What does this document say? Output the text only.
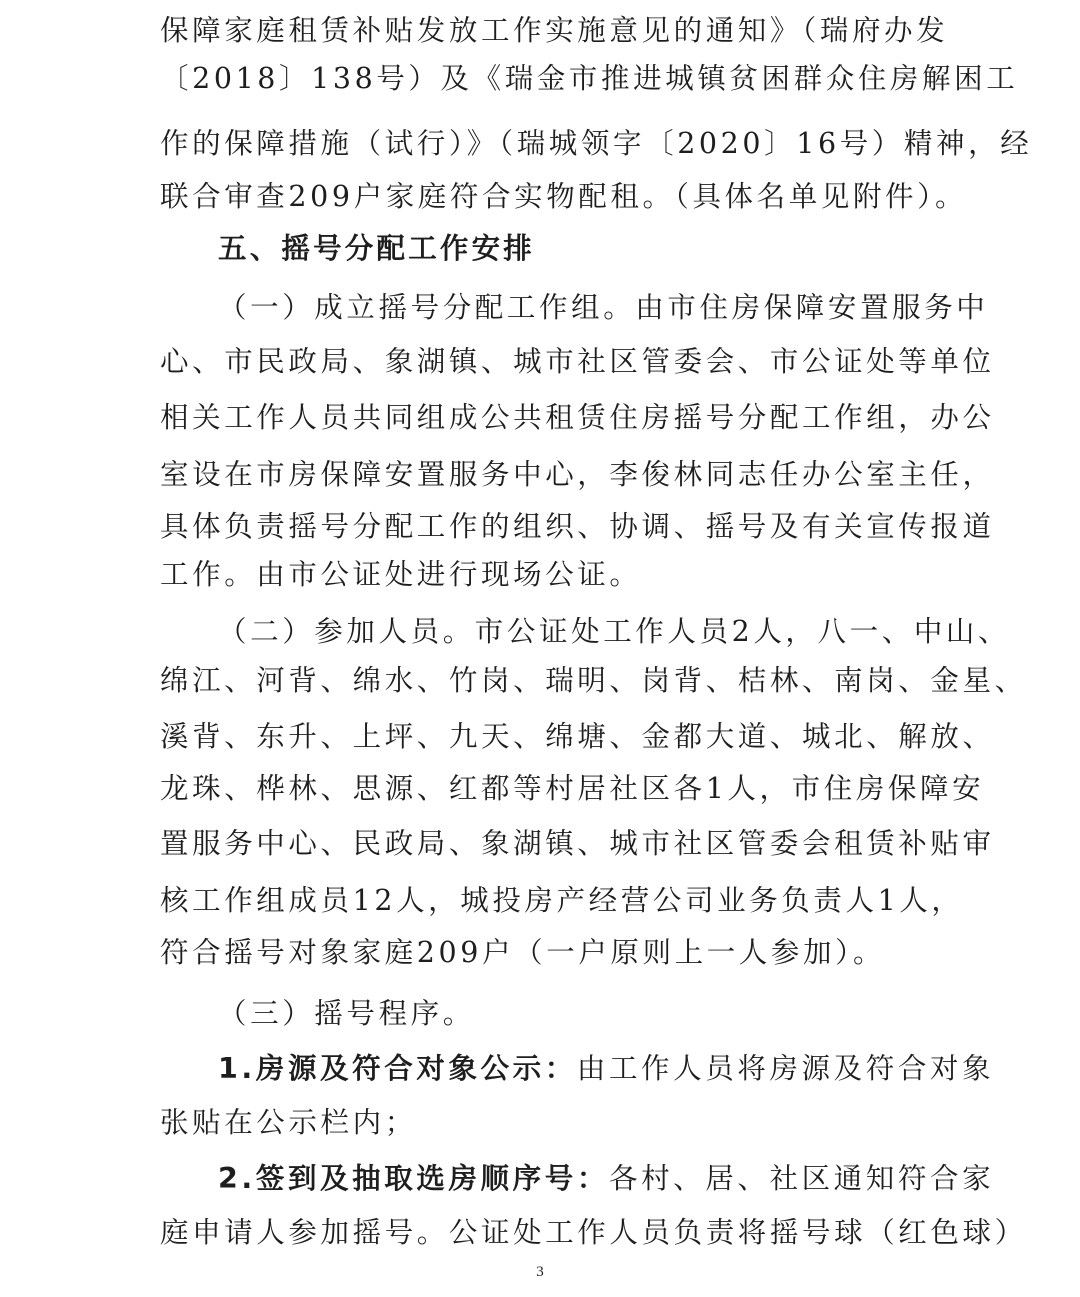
保障家庭租赁补贴发放工作实施意见的通知》（瑞府办发
〔2018〕138号）及《瑞金市推进城镇贫困群众住房解困工
作的保障措施（试行）》（瑞城领字〔2020〕16号）精神，经
联合审查209户家庭符合实物配租。（具体名单见附件）。
五、摇号分配工作安排
（一）成立摇号分配工作组。由市住房保障安置服务中
心、市民政局、象湖镇、城市社区管委会、市公证处等单位
相关工作人员共同组成公共租赁住房摇号分配工作组，办公
室设在市房保障安置服务中心，李俊林同志任办公室主任，
具体负责摇号分配工作的组织、协调、摇号及有关宣传报道
工作。由市公证处进行现场公证。
（二）参加人员。市公证处工作人员2人，八一、中山、
绵江、河背、绵水、竹岗、瑞明、岗背、桔林、南岗、金星、
溪背、东升、上坪、九天、绵塘、金都大道、城北、解放、
龙珠、桦林、思源、红都等村居社区各1人，市住房保障安
置服务中心、民政局、象湖镇、城市社区管委会租赁补贴审
核工作组成员12人，城投房产经营公司业务负责人1人，
符合摇号对象家庭209户（一户原则上一人参加）。
（三）摇号程序。
1.房源及符合对象公示：由工作人员将房源及符合对象
张贴在公示栏内；
2.签到及抽取选房顺序号：各村、居、社区通知符合家
庭申请人参加摇号。公证处工作人员负责将摇号球（红色球）
3
